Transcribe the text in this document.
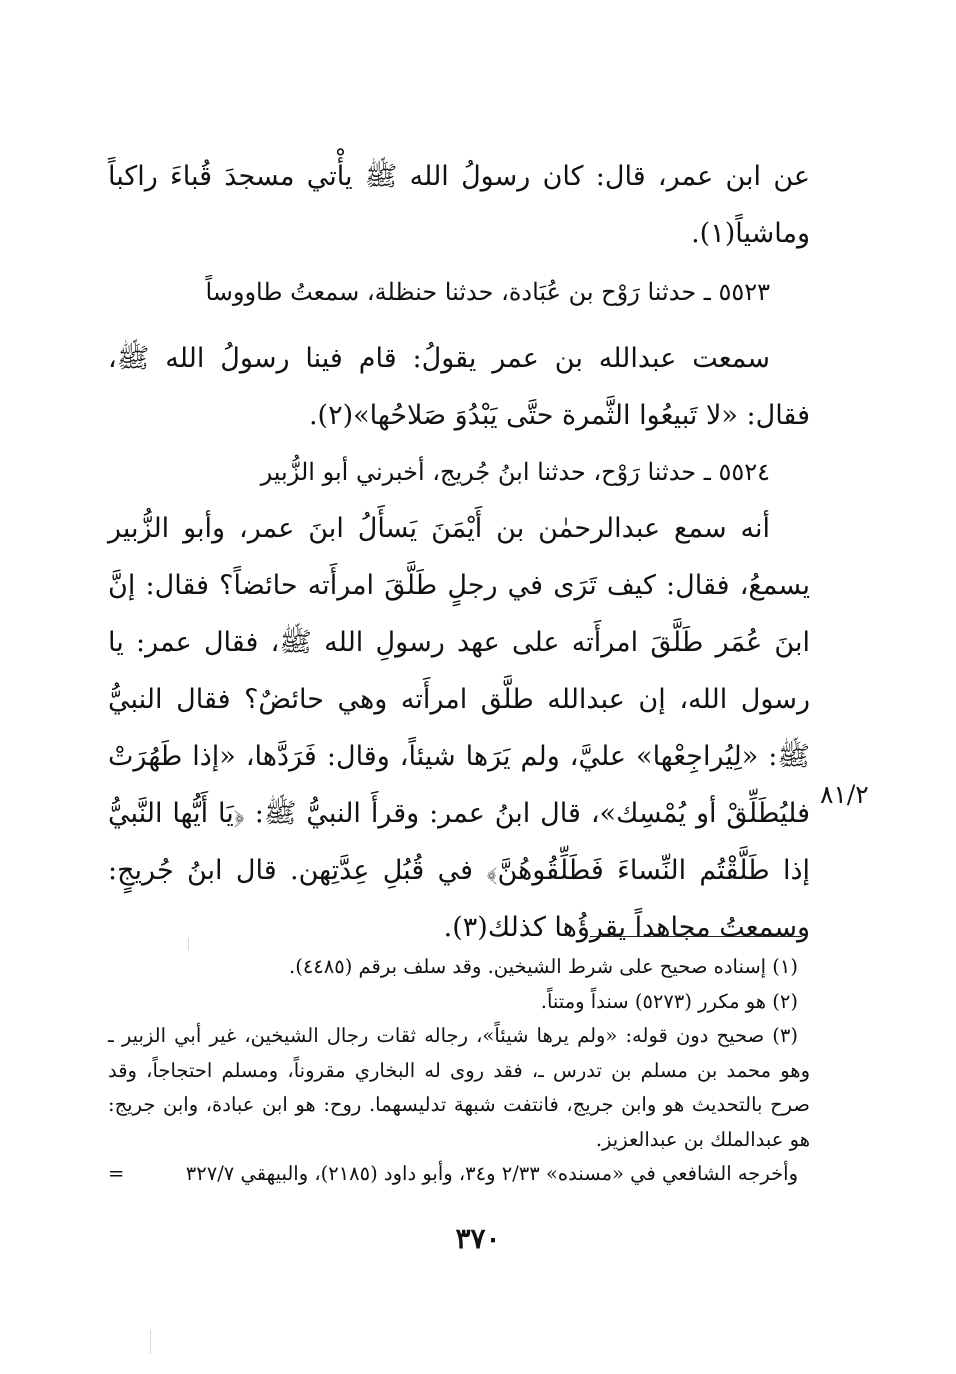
عن ابن عمر، قال: كان رسولُ الله ﷺ يأْتي مسجدَ قُباءَ راكباً وماشياً(١).

٥٥٢٣ ـ حدثنا رَوْح بن عُبَادة، حدثنا حنظلة، سمعتُ طاووساً

سمعت عبدالله بن عمر يقولُ: قام فينا رسولُ الله ﷺ، فقال: «لا تَبيعُوا الثَّمرة حتَّى يَبْدُوَ صَلاحُها»(٢).

٥٥٢٤ ـ حدثنا رَوْح، حدثنا ابنُ جُريج، أخبرني أبو الزُّبير

أنه سمع عبدالرحمٰن بن أَيْمَنَ يَسأَلُ ابنَ عمر، وأبو الزُّبير يسمعُ، فقال: كيف تَرَى في رجلٍ طَلَّقَ امرأَته حائضاً؟ فقال: إنَّ ابنَ عُمَر طَلَّقَ امرأَته على عهد رسولِ الله ﷺ، فقال عمر: يا رسول الله، إن عبدالله طلَّق امرأَته وهي حائضٌ؟ فقال النبيُّ ﷺ: «لِيُراجِعْها» عليَّ، ولم يَرَها شيئاً، وقال: فَرَدَّها، «إذا طَهُرَتْ فليُطَلِّقْ أو يُمْسِك»، قال ابنُ عمر: وقرأَ النبيُّ ﷺ: ﴿يَا أَيُّها النَّبيُّ إذا طَلَّقْتُم النِّساءَ فَطَلِّقُوهُنَّ﴾ في قُبُلِ عِدَّتِهن. قال ابنُ جُريجٍ: وسمعتُ مجاهداً يقرؤُها كذلك(٣).

٨١/٢

(١) إسناده صحيح على شرط الشيخين. وقد سلف برقم (٤٤٨٥).

(٢) هو مكرر (٥٢٧٣) سنداً ومتناً.

(٣) صحيح دون قوله: «ولم يرها شيئاً»، رجاله ثقات رجال الشيخين، غير أبي الزبير ـ وهو محمد بن مسلم بن تدرس ـ، فقد روى له البخاري مقروناً، ومسلم احتجاجاً، وقد صرح بالتحديث هو وابن جريج، فانتفت شبهة تدليسهما. روح: هو ابن عبادة، وابن جريج: هو عبدالملك بن عبدالعزيز.

وأخرجه الشافعي في «مسنده» ٢/٣٣ و٣٤، وأبو داود (٢١٨٥)، والبيهقي ٣٢٧/٧
=

٣٧٠
